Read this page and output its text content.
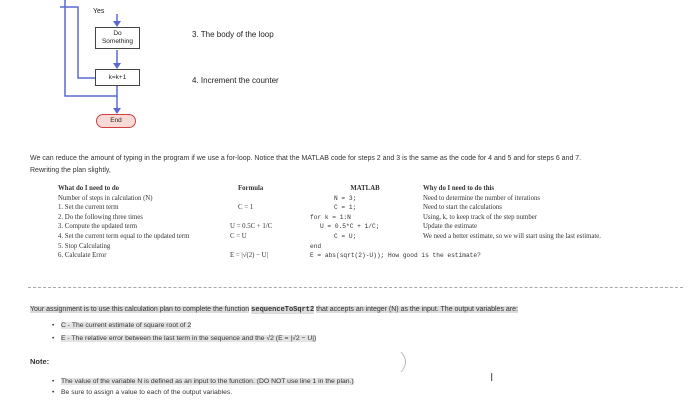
Yes
Do
Something
k=k+1
End
3. The body of the loop
4. Increment the counter
We can reduce the amount of typing in the program if we use a for-loop. Notice that the MATLAB code for steps 2 and 3 is the same as the code for 4 and 5 and for steps 6 and 7.
Rewriting the plan slightly,
What do I need to do
Number of steps in calculation (N)
1. Set the current term
2. Do the following three times
3. Compute the updated term
4. Set the current term equal to the updated term
5. Stop Calculating
6. Calculate Error
Formula
C = 1
U = 0.5C + 1/C
C = U
E = |√(2) − U|
MATLAB
N = 3;
C = 1;
for k = 1:N
U = 0.5*C + 1/C;
C = U;
end
E = abs(sqrt(2)-U)); How good is the estimate?
Why do I need to do this
Need to determine the number of iterations
Need to start the calculations
Using, k, to keep track of the step number
Update the estimate
We need a better estimate, so we will start using the last estimate.
Your assignment is to use this calculation plan to complete the function sequenceToSqrt2 that accepts an integer (N) as the input. The output variables are:
• C - The current estimate of square root of 2
• E - The relative error between the last term in the sequence and the √2 (E = |√2 − U|)
Note:
• The value of the variable N is defined as an input to the function. (DO NOT use line 1 in the plan.)
• Be sure to assign a value to each of the output variables.
I
